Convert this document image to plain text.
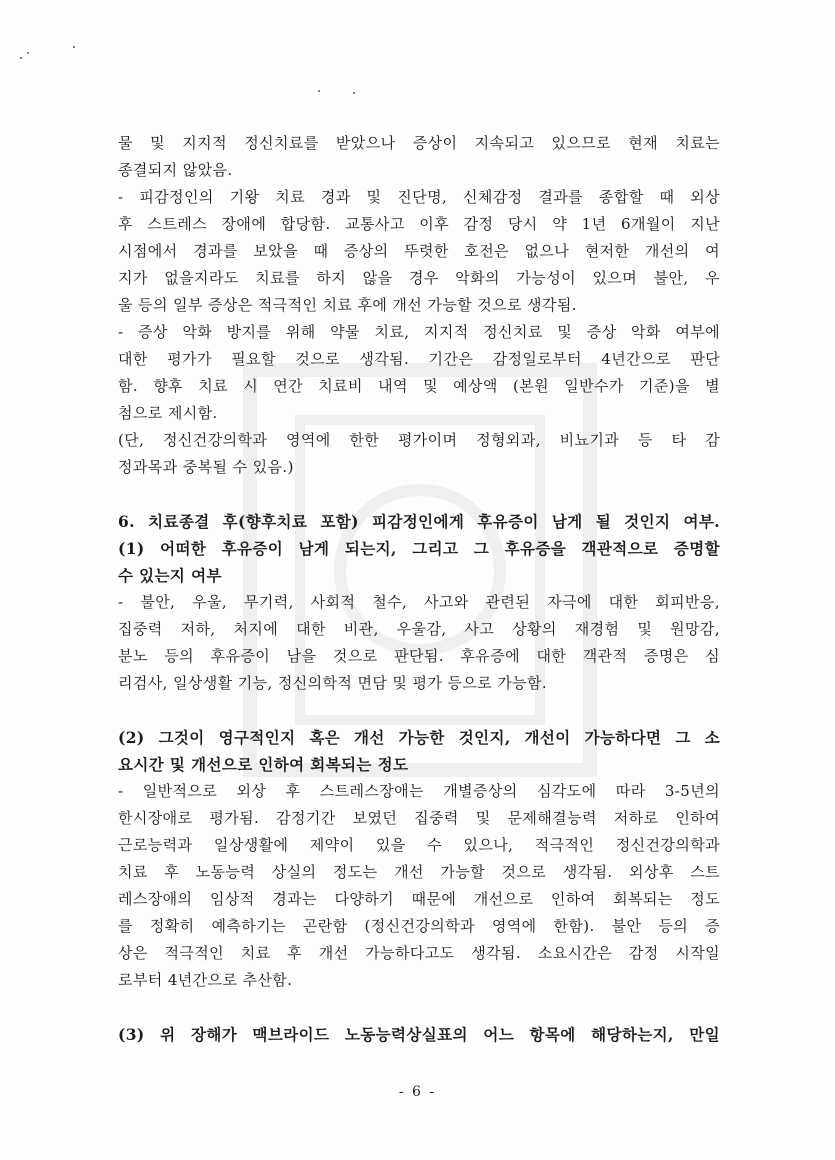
물 및 지지적 정신치료를 받았으나 증상이 지속되고 있으므로 현재 치료는
종결되지 않았음.
- 피감정인의 기왕 치료 경과 및 진단명, 신체감정 결과를 종합할 때 외상
후 스트레스 장애에 합당함. 교통사고 이후 감정 당시 약 1년 6개월이 지난
시점에서 경과를 보았을 때 증상의 뚜렷한 호전은 없으나 현저한 개선의 여
지가 없을지라도 치료를 하지 않을 경우 악화의 가능성이 있으며 불안, 우
울 등의 일부 증상은 적극적인 치료 후에 개선 가능할 것으로 생각됨.
- 증상 악화 방지를 위해 약물 치료, 지지적 정신치료 및 증상 악화 여부에
대한 평가가 필요할 것으로 생각됨. 기간은 감정일로부터 4년간으로 판단
함. 향후 치료 시 연간 치료비 내역 및 예상액 (본원 일반수가 기준)을 별
첨으로 제시함.
(단, 정신건강의학과 영역에 한한 평가이며 정형외과, 비뇨기과 등 타 감
정과목과 중복될 수 있음.)
6. 치료종결 후(향후치료 포함) 피감정인에게 후유증이 남게 될 것인지 여부.
(1) 어떠한 후유증이 남게 되는지, 그리고 그 후유증을 객관적으로 증명할
수 있는지 여부
- 불안, 우울, 무기력, 사회적 철수, 사고와 관련된 자극에 대한 회피반응,
집중력 저하, 처지에 대한 비관, 우울감, 사고 상황의 재경험 및 원망감,
분노 등의 후유증이 남을 것으로 판단됨. 후유증에 대한 객관적 증명은 심
리검사, 일상생활 기능, 정신의학적 면담 및 평가 등으로 가능함.
(2) 그것이 영구적인지 혹은 개선 가능한 것인지, 개선이 가능하다면 그 소
요시간 및 개선으로 인하여 회복되는 정도
- 일반적으로 외상 후 스트레스장애는 개별증상의 심각도에 따라 3-5년의
한시장애로 평가됨. 감정기간 보였던 집중력 및 문제해결능력 저하로 인하여
근로능력과 일상생활에 제약이 있을 수 있으나, 적극적인 정신건강의학과
치료 후 노동능력 상실의 정도는 개선 가능할 것으로 생각됨. 외상후 스트
레스장애의 임상적 경과는 다양하기 때문에 개선으로 인하여 회복되는 정도
를 정확히 예측하기는 곤란함 (정신건강의학과 영역에 한함). 불안 등의 증
상은 적극적인 치료 후 개선 가능하다고도 생각됨. 소요시간은 감정 시작일
로부터 4년간으로 추산함.
(3) 위 장해가 맥브라이드 노동능력상실표의 어느 항목에 해당하는지, 만일
- 6 -
